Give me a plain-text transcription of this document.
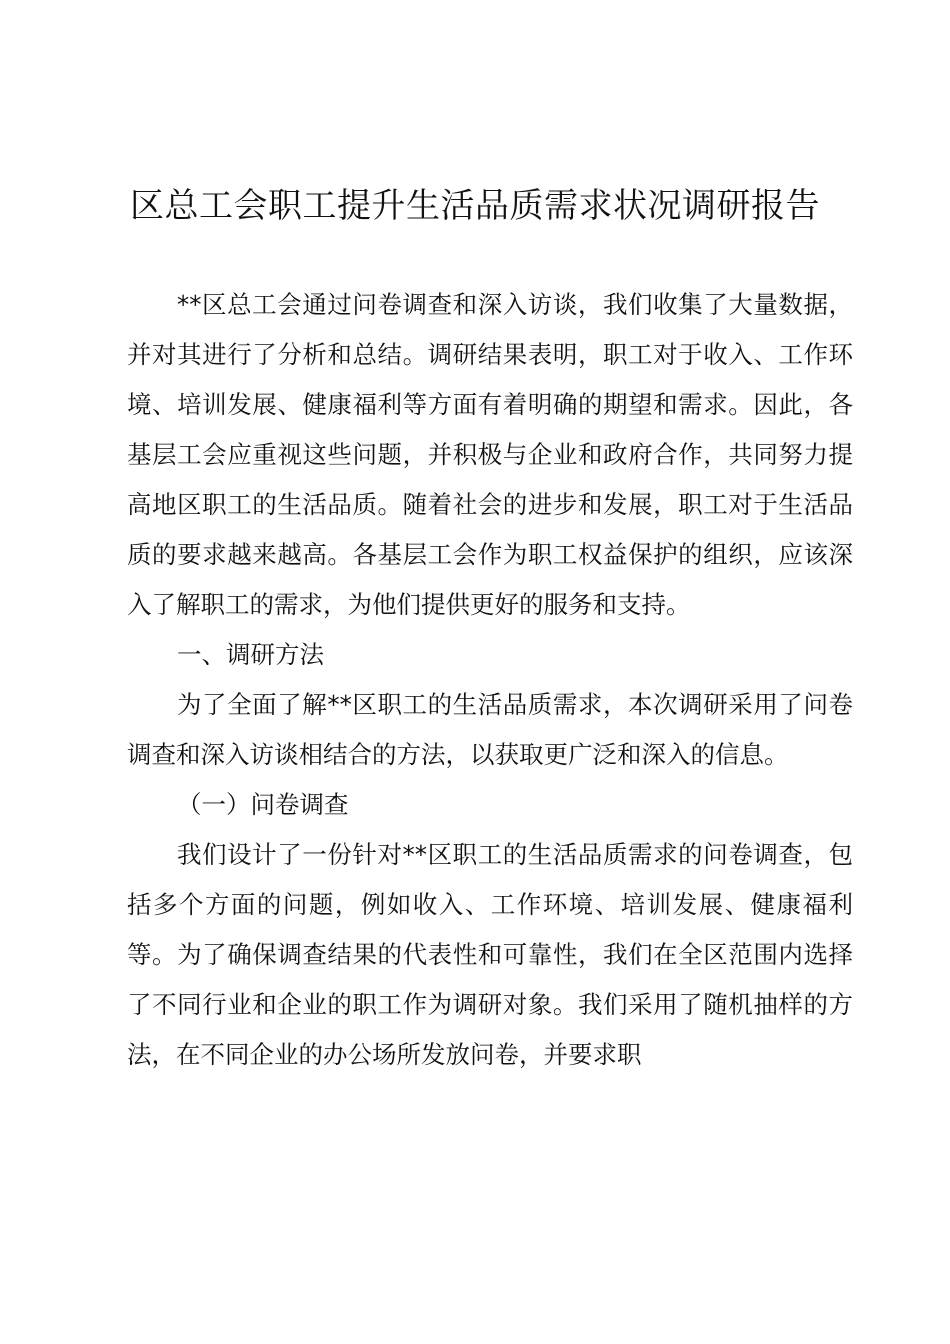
区总工会职工提升生活品质需求状况调研报告

**区总工会通过问卷调查和深入访谈，我们收集了大量数据，并对其进行了分析和总结。调研结果表明，职工对于收入、工作环境、培训发展、健康福利等方面有着明确的期望和需求。因此，各基层工会应重视这些问题，并积极与企业和政府合作，共同努力提高地区职工的生活品质。随着社会的进步和发展，职工对于生活品质的要求越来越高。各基层工会作为职工权益保护的组织，应该深入了解职工的需求，为他们提供更好的服务和支持。

一、调研方法

为了全面了解**区职工的生活品质需求，本次调研采用了问卷调查和深入访谈相结合的方法，以获取更广泛和深入的信息。

（一）问卷调查

我们设计了一份针对**区职工的生活品质需求的问卷调查，包括多个方面的问题，例如收入、工作环境、培训发展、健康福利等。为了确保调查结果的代表性和可靠性，我们在全区范围内选择了不同行业和企业的职工作为调研对象。我们采用了随机抽样的方法，在不同企业的办公场所发放问卷，并要求职
